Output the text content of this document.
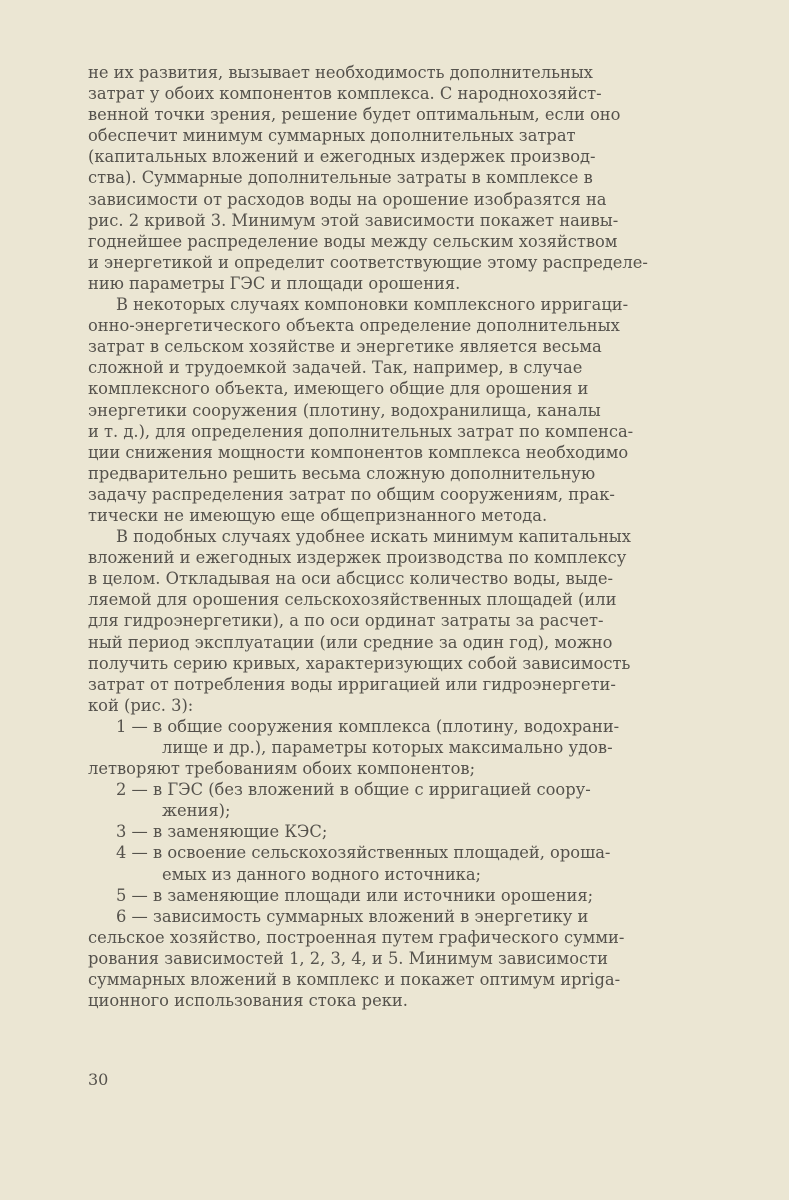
не их развития, вызывает необходимость дополнительных
затрат у обоих компонентов комплекса. С народнохозяйст-
венной точки зрения, решение будет оптимальным, если оно
обеспечит минимум суммарных дополнительных затрат
(капитальных вложений и ежегодных издержек производ-
ства). Суммарные дополнительные затраты в комплексе в
зависимости от расходов воды на орошение изобразятся на
рис. 2 кривой 3. Минимум этой зависимости покажет наивы-
годнейшее распределение воды между сельским хозяйством
и энергетикой и определит соответствующие этому распределе-
нию параметры ГЭС и площади орошения.
В некоторых случаях компоновки комплексного ирригаци-
онно-энергетического объекта определение дополнительных
затрат в сельском хозяйстве и энергетике является весьма
сложной и трудоемкой задачей. Так, например, в случае
комплексного объекта, имеющего общие для орошения и
энергетики сооружения (плотину, водохранилища, каналы
и т. д.), для определения дополнительных затрат по компенса-
ции снижения мощности компонентов комплекса необходимо
предварительно решить весьма сложную дополнительную
задачу распределения затрат по общим сооружениям, прак-
тически не имеющую еще общепризнанного метода.
В подобных случаях удобнее искать минимум капитальных
вложений и ежегодных издержек производства по комплексу
в целом. Откладывая на оси абсцисс количество воды, выде-
ляемой для орошения сельскохозяйственных площадей (или
для гидроэнергетики), а по оси ординат затраты за расчет-
ный период эксплуатации (или средние за один год), можно
получить серию кривых, характеризующих собой зависимость
затрат от потребления воды ирригацией или гидроэнергети-
кой (рис. 3):
1 — в общие сооружения комплекса (плотину, водохрани-
лище и др.), параметры которых максимально удов-
летворяют требованиям обоих компонентов;
2 — в ГЭС (без вложений в общие с ирригацией соору-
жения);
3 — в заменяющие КЭС;
4 — в освоение сельскохозяйственных площадей, ороша-
емых из данного водного источника;
5 — в заменяющие площади или источники орошения;
6 — зависимость суммарных вложений в энергетику и
сельское хозяйство, построенная путем графического сумми-
рования зависимостей 1, 2, 3, 4, и 5. Минимум зависимости
суммарных вложений в комплекс и покажет оптимум ирriga-
ционного использования стока реки.
30
